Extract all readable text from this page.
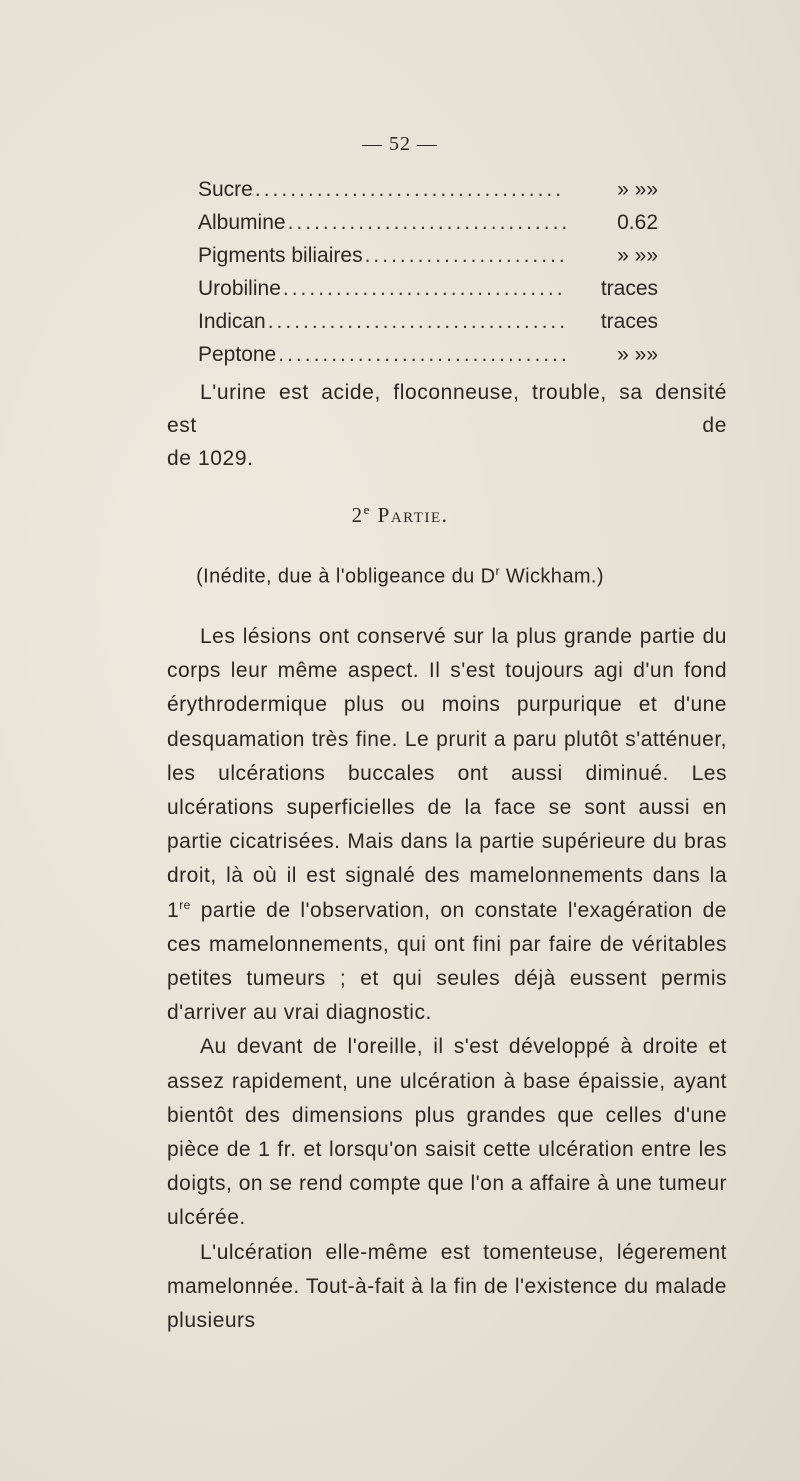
— 52 —
Sucre .....	» »»
Albumine .....	0.62
Pigments biliaires .....	» »»
Urobiline .....	traces
Indican .....	traces
Peptone .....	» »»
L'urine est acide, floconneuse, trouble, sa densité est de
de 1029.
2e Partie.
(Inédite, due à l'obligeance du $D^r$ Wickham.)

Les lésions ont conservé sur la plus grande partie du corps leur même aspect. Il s'est toujours agi d'un fond érythrodermique plus ou moins purpurique et d'une desquamation très fine. Le prurit a paru plutôt s'atténuer, les ulcérations buccales ont aussi diminué. Les ulcérations superficielles de la face se sont aussi en partie cicatrisées. Mais dans la partie supérieure du bras droit, là où il est signalé des mamelonnements dans la 1re partie de l'observation, on constate l'exagération de ces mamelonnements, qui ont fini par faire de véritables petites tumeurs ; et qui seules déjà eussent permis d'arriver au vrai diagnostic.

Au devant de l'oreille, il s'est développé à droite et assez rapidement, une ulcération à base épaissie, ayant bientôt des dimensions plus grandes que celles d'une pièce de 1 fr. et lorsqu'on saisit cette ulcération entre les doigts, on se rend compte que l'on a affaire à une tumeur ulcérée.

L'ulcération elle-même est tomenteuse, légerement mamelonnée. Tout-à-fait à la fin de l'existence du malade plusieurs
